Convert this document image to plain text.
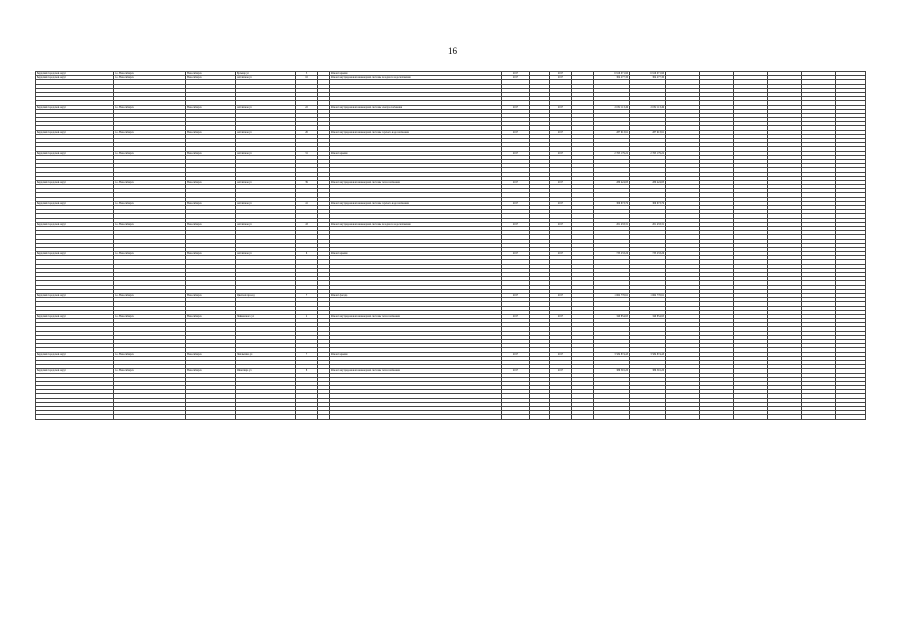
16
Бердский городской округ	г.о. Новосибирск	Новосибирск	Бульвар ул	3		Ремонт крыши	2017		2017		6 916 071,90	6 916 071,90						
Бердский городской округ	г.о. Новосибирск	Новосибирск	Алтайская ул	16		Ремонт внутридомовой инженерной системы холодного водоснабжения	2017		2017		304 277,30	304 277,30						

Бердский городской округ	г.о. Новосибирск	Новосибирск	Алтайская ул	22		Ремонт внутридомовой инженерной системы электроснабжения	2017		2017		2 032 113,49	2 032 113,49						

Бердский городской округ	г.о. Новосибирск	Новосибирск	Алтайская ул	26		Ремонт внутридомовой инженерной системы горячего водоснабжения	2017		2017		287 913,91	287 913,91						

Бердский городской округ	г.о. Новосибирск	Новосибирск	Алтайская ул	31		Ремонт крыши	2017		2017		2 765 179,22	2 765 179,22						

Бердский городской округ	г.о. Новосибирск	Новосибирск	Алтайская ул	39		Ремонт внутридомовой инженерной системы теплоснабжения	2017		2017		280 424,83	280 424,83						

Бердский городской округ	г.о. Новосибирск	Новосибирск	Алтайская ул	41		Ремонт внутридомовой инженерной системы горячего водоснабжения	2017		2017		309 673,79	309 673,79						

Бердский городской округ	г.о. Новосибирск	Новосибирск	Алтайская ул	43		Ремонт внутридомовой инженерной системы холодного водоснабжения	2017		2017		201 433,31	201 433,31						

Бердский городской округ	г.о. Новосибирск	Новосибирск	Алтайская ул	6		Ремонт крыши	2017		2017		733 233,26	733 233,26						

Бердский городской округ	г.о. Новосибирск	Новосибирск	Цветной проезд	7		Ремонт фасада	2017		2017		1 662 776,91	1 662 776,91						

Бердский городской округ	г.о. Новосибирск	Новосибирск	Чайковского ул	2		Ремонт внутридомовой инженерной системы теплоснабжения	2017		2017		340 854,95	340 854,95						

Бердский городской округ	г.о. Новосибирск	Новосибирск	Чаплыгина ул	7		Ремонт крыши	2017		2017		3 584 874,43	3 584 874,43						

Бердский городской округ	г.о. Новосибирск	Новосибирск	Шекспира ул	8		Ремонт внутридомовой инженерной системы теплоснабжения	2017		2017		386 591,20	386 591,20						
